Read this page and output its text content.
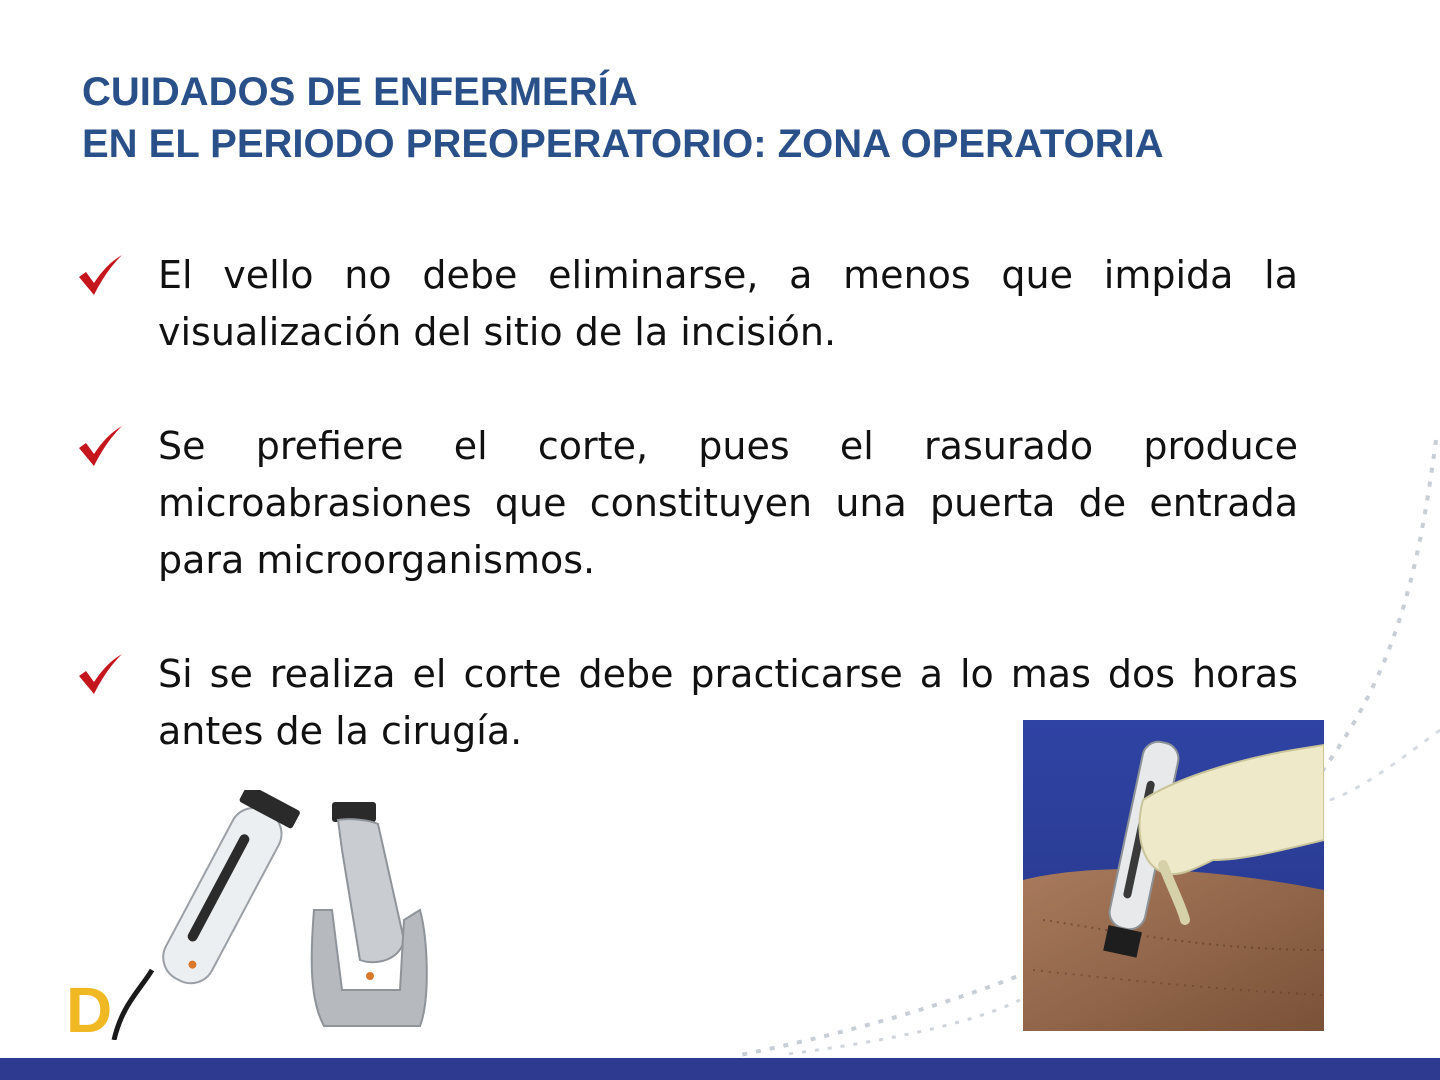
CUIDADOS DE ENFERMERÍA
EN EL PERIODO PREOPERATORIO: ZONA OPERATORIA

El vello no debe eliminarse, a menos que impida la visualización del sitio de la incisión.

Se prefiere el corte, pues el rasurado produce microabrasiones que constituyen una puerta de entrada para microorganismos.

Si se realiza el corte debe practicarse a lo mas dos horas antes de la cirugía.

D
